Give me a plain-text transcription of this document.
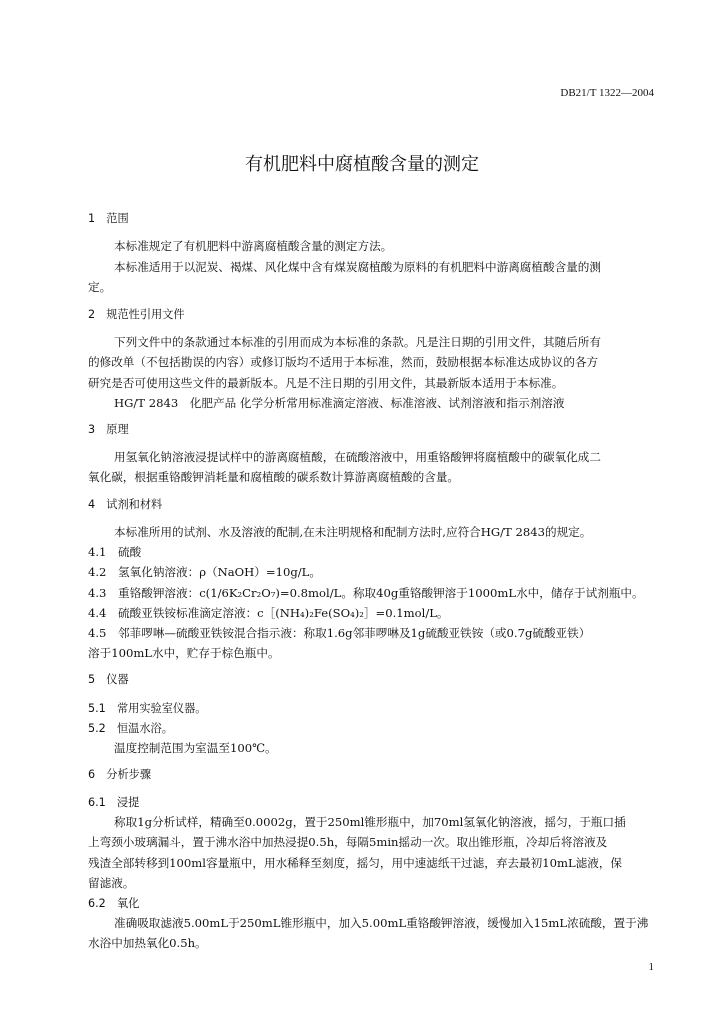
DB21/T 1322—2004
有机肥料中腐植酸含量的测定
1　范围
本标准规定了有机肥料中游离腐植酸含量的测定方法。
本标准适用于以泥炭、褐煤、风化煤中含有煤炭腐植酸为原料的有机肥料中游离腐植酸含量的测
定。
2　规范性引用文件
下列文件中的条款通过本标准的引用而成为本标准的条款。凡是注日期的引用文件，其随后所有
的修改单（不包括勘误的内容）或修订版均不适用于本标准，然而，鼓励根据本标准达成协议的各方
研究是否可使用这些文件的最新版本。凡是不注日期的引用文件，其最新版本适用于本标准。
HG/T 2843　化肥产品 化学分析常用标准滴定溶液、标准溶液、试剂溶液和指示剂溶液
3　原理
用氢氧化钠溶液浸提试样中的游离腐植酸，在硫酸溶液中，用重铬酸钾将腐植酸中的碳氧化成二
氧化碳，根据重铬酸钾消耗量和腐植酸的碳系数计算游离腐植酸的含量。
4　试剂和材料
本标准所用的试剂、水及溶液的配制,在未注明规格和配制方法时,应符合HG/T 2843的规定。
4.1　硫酸
4.2　氢氧化钠溶液：ρ（NaOH）=10g/L。
4.3　重铬酸钾溶液：c(1/6K₂Cr₂O₇)=0.8mol/L。称取40g重铬酸钾溶于1000mL水中，储存于试剂瓶中。
4.4　硫酸亚铁铵标准滴定溶液：c［(NH₄)₂Fe(SO₄)₂］=0.1mol/L。
4.5　邻菲啰啉—硫酸亚铁铵混合指示液：称取1.6g邻菲啰啉及1g硫酸亚铁铵（或0.7g硫酸亚铁）
溶于100mL水中，贮存于棕色瓶中。
5　仪器
5.1　常用实验室仪器。
5.2　恒温水浴。
温度控制范围为室温至100℃。
6　分析步骤
6.1　浸提
称取1g分析试样，精确至0.0002g，置于250ml锥形瓶中，加70ml氢氧化钠溶液，摇匀，于瓶口插
上弯颈小玻璃漏斗，置于沸水浴中加热浸提0.5h，每隔5min摇动一次。取出锥形瓶，冷却后将溶液及
残渣全部转移到100ml容量瓶中，用水稀释至刻度，摇匀，用中速滤纸干过滤，弃去最初10mL滤液，保
留滤液。
6.2　氧化
准确吸取滤液5.00mL于250mL锥形瓶中，加入5.00mL重铬酸钾溶液，缓慢加入15mL浓硫酸，置于沸
水浴中加热氧化0.5h。
1
